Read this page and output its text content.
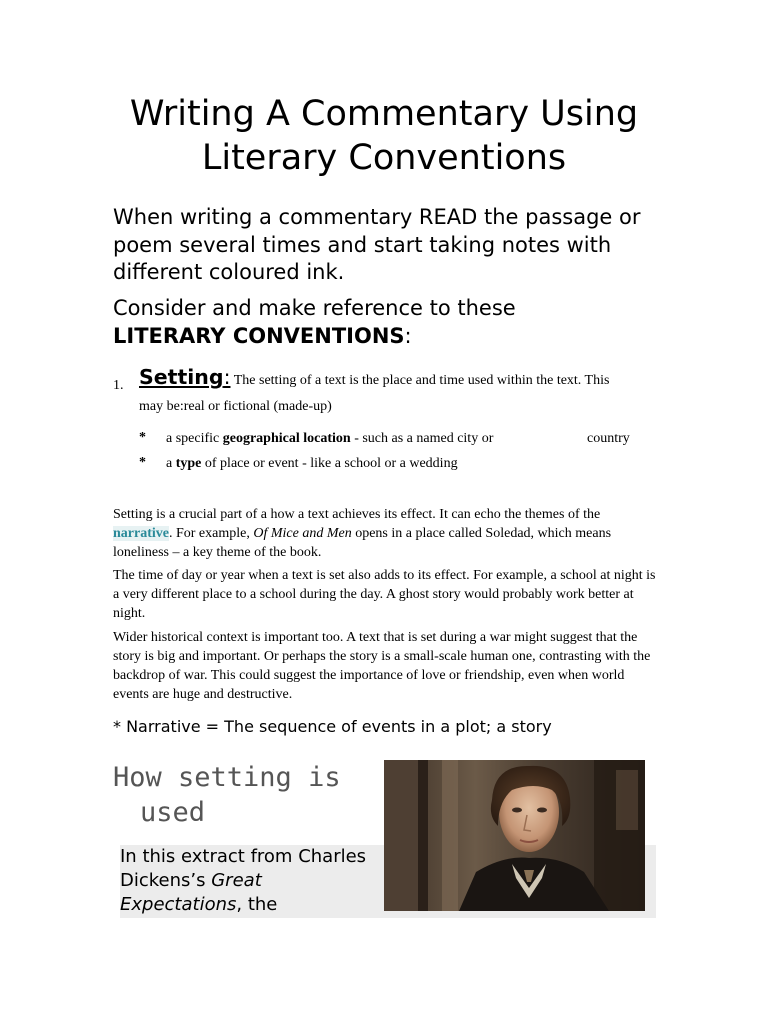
Writing A Commentary Using
Literary Conventions

When writing a commentary READ the passage or poem several times and start taking notes with different coloured ink.

Consider and make reference to these
LITERARY CONVENTIONS:

1. Setting: The setting of a text is the place and time used within the text. This
may be:real or fictional (made-up)
* a specific geographical location - such as a named city or	country
* a type of place or event - like a school or a wedding

Setting is a crucial part of a how a text achieves its effect. It can echo the themes of the narrative. For example, Of Mice and Men opens in a place called Soledad, which means loneliness – a key theme of the book.

The time of day or year when a text is set also adds to its effect. For example, a school at night is a very different place to a school during the day. A ghost story would probably work better at night.

Wider historical context is important too. A text that is set during a war might suggest that the story is big and important. Or perhaps the story is a small-scale human one, contrasting with the backdrop of war. This could suggest the importance of love or friendship, even when world events are huge and destructive.

* Narrative = The sequence of events in a plot; a story

How setting is
used

In this extract from Charles Dickens’s Great Expectations, the
